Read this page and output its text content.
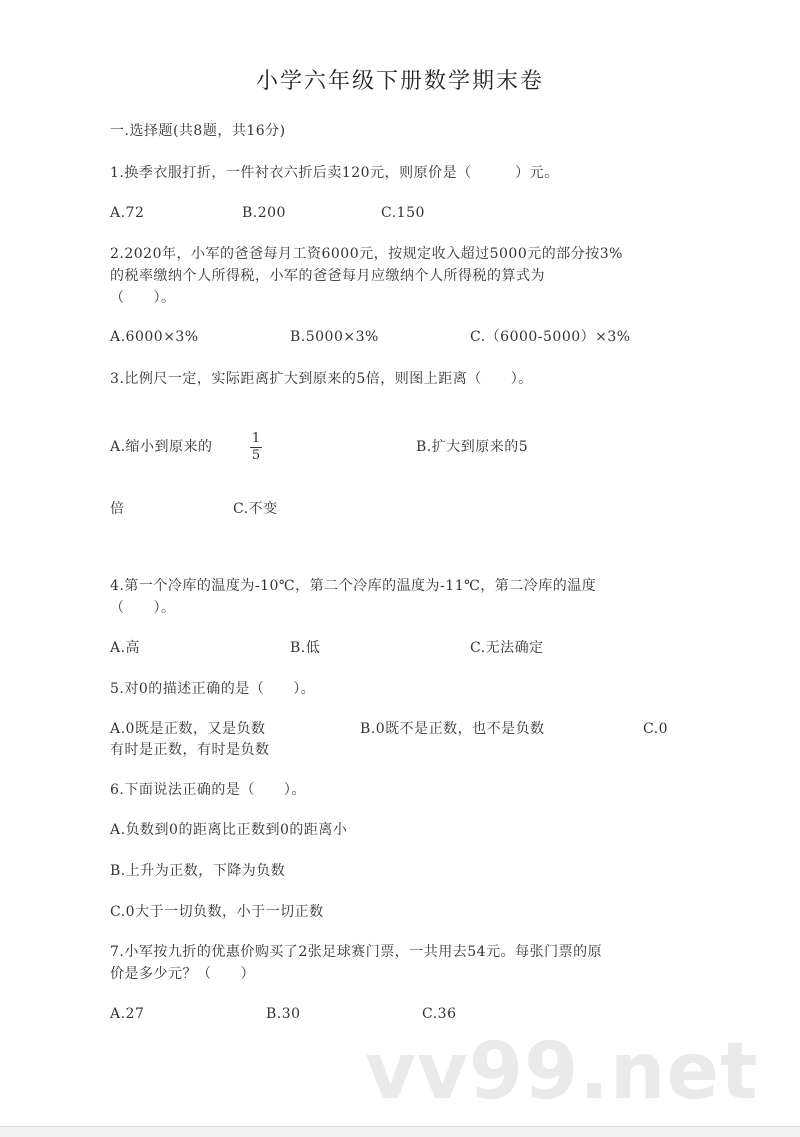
小学六年级下册数学期末卷
一.选择题(共8题，共16分)
1.换季衣服打折，一件衬衣六折后卖120元，则原价是（　　　）元。
A.72	B.200	C.150
2.2020年，小军的爸爸每月工资6000元，按规定收入超过5000元的部分按3%
的税率缴纳个人所得税，小军的爸爸每月应缴纳个人所得税的算式为
（　　）。
A.6000×3%	B.5000×3%	C.（6000-5000）×3%
3.比例尺一定，实际距离扩大到原来的5倍，则图上距离（　　）。
A.缩小到原来的
1
5
B.扩大到原来的5
倍	C.不变
4.第一个冷库的温度为-10℃，第二个冷库的温度为-11℃，第二冷库的温度
（　　）。
A.高	B.低	C.无法确定
5.对0的描述正确的是（　　）。
A.0既是正数，又是负数	B.0既不是正数，也不是负数	C.0
有时是正数，有时是负数
6.下面说法正确的是（　　）。
A.负数到0的距离比正数到0的距离小
B.上升为正数，下降为负数
C.0大于一切负数，小于一切正数
7.小军按九折的优惠价购买了2张足球赛门票，一共用去54元。每张门票的原
价是多少元？（　　）
A.27	B.30	C.36
vv99.net
